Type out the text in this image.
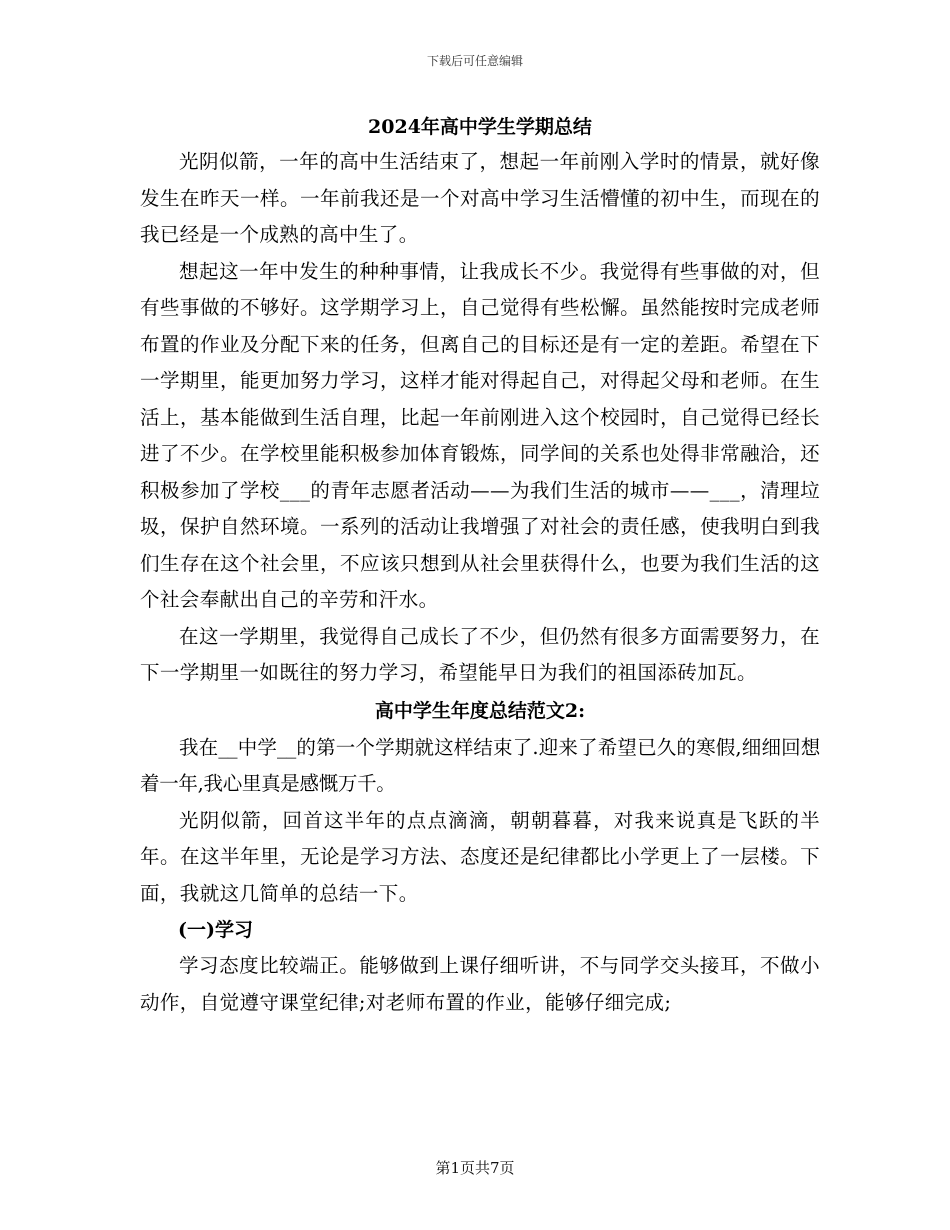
下载后可任意编辑
2024年高中学生学期总结

光阴似箭，一年的高中生活结束了，想起一年前刚入学时的情景，就好像发生在昨天一样。一年前我还是一个对高中学习生活懵懂的初中生，而现在的我已经是一个成熟的高中生了。

想起这一年中发生的种种事情，让我成长不少。我觉得有些事做的对，但有些事做的不够好。这学期学习上，自己觉得有些松懈。虽然能按时完成老师布置的作业及分配下来的任务，但离自己的目标还是有一定的差距。希望在下一学期里，能更加努力学习，这样才能对得起自己，对得起父母和老师。在生活上，基本能做到生活自理，比起一年前刚进入这个校园时，自己觉得已经长进了不少。在学校里能积极参加体育锻炼，同学间的关系也处得非常融洽，还积极参加了学校___的青年志愿者活动——为我们生活的城市——___，清理垃圾，保护自然环境。一系列的活动让我增强了对社会的责任感，使我明白到我们生存在这个社会里，不应该只想到从社会里获得什么，也要为我们生活的这个社会奉献出自己的辛劳和汗水。

在这一学期里，我觉得自己成长了不少，但仍然有很多方面需要努力，在下一学期里一如既往的努力学习，希望能早日为我们的祖国添砖加瓦。

高中学生年度总结范文2:

我在__中学__的第一个学期就这样结束了.迎来了希望已久的寒假,细细回想着一年,我心里真是感慨万千。

光阴似箭，回首这半年的点点滴滴，朝朝暮暮，对我来说真是飞跃的半年。在这半年里，无论是学习方法、态度还是纪律都比小学更上了一层楼。下面，我就这几简单的总结一下。

(一)学习

学习态度比较端正。能够做到上课仔细听讲，不与同学交头接耳，不做小动作，自觉遵守课堂纪律;对老师布置的作业，能够仔细完成;

第1页共7页
